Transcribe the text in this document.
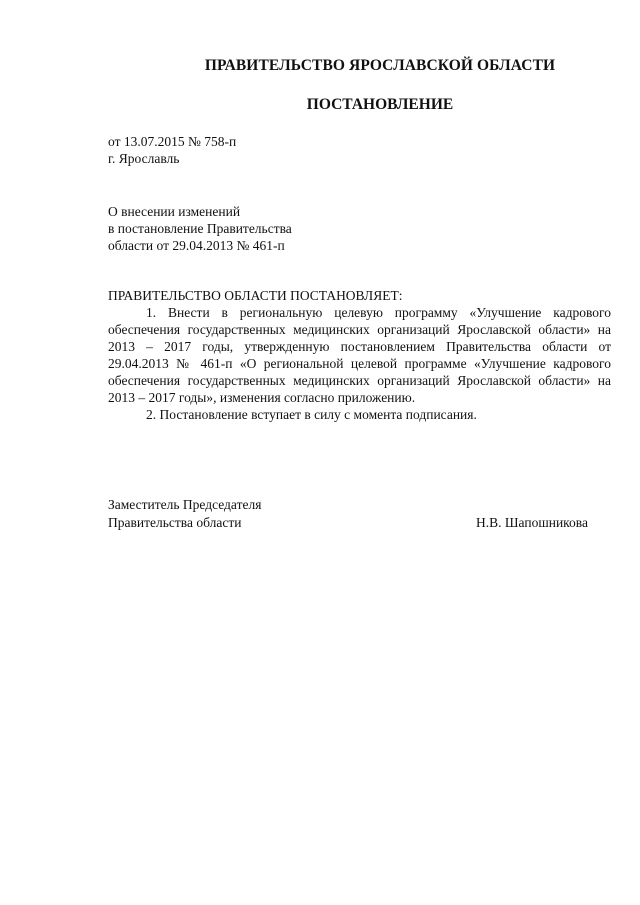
ПРАВИТЕЛЬСТВО ЯРОСЛАВСКОЙ ОБЛАСТИ
ПОСТАНОВЛЕНИЕ
от 13.07.2015 № 758-п
г. Ярославль
О внесении изменений
в постановление Правительства
области от 29.04.2013 № 461-п
ПРАВИТЕЛЬСТВО ОБЛАСТИ ПОСТАНОВЛЯЕТ:

1. Внести в региональную целевую программу «Улучшение кадрового обеспечения государственных медицинских организаций Ярославской области» на 2013 – 2017 годы, утвержденную постановлением Правительства области от 29.04.2013 № 461-п «О региональной целевой программе «Улучшение кадрового обеспечения государственных медицинских организаций Ярославской области» на 2013 – 2017 годы», изменения согласно приложению.

2. Постановление вступает в силу с момента подписания.

Заместитель Председателя
Правительства области	Н.В. Шапошникова
